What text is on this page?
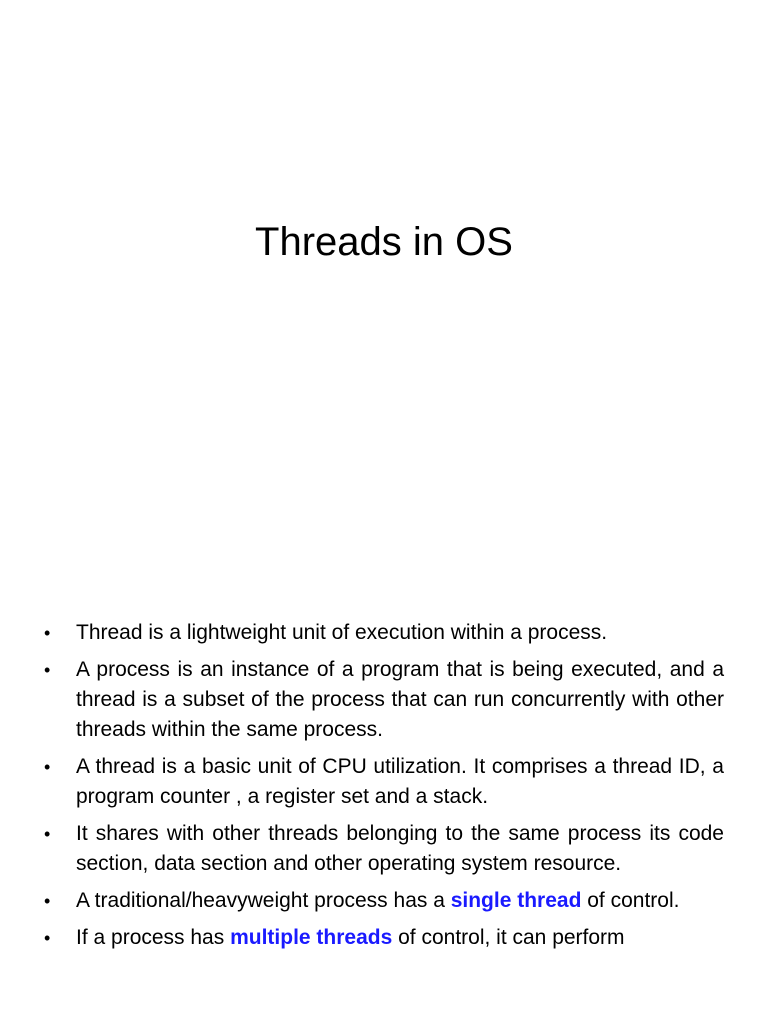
Threads in OS
•	Thread is a lightweight unit of execution within a process.
•	A process is an instance of a program that is being executed, and a thread is a subset of the process that can run concurrently with other threads within the same process.
•	A thread is a basic unit of CPU utilization. It comprises a thread ID, a program counter , a register set and a stack.
•	It shares with other threads belonging to the same process its code section, data section and other operating system resource.
•	A traditional/heavyweight process has a single thread of control.
•	If a process has multiple threads of control, it can perform
